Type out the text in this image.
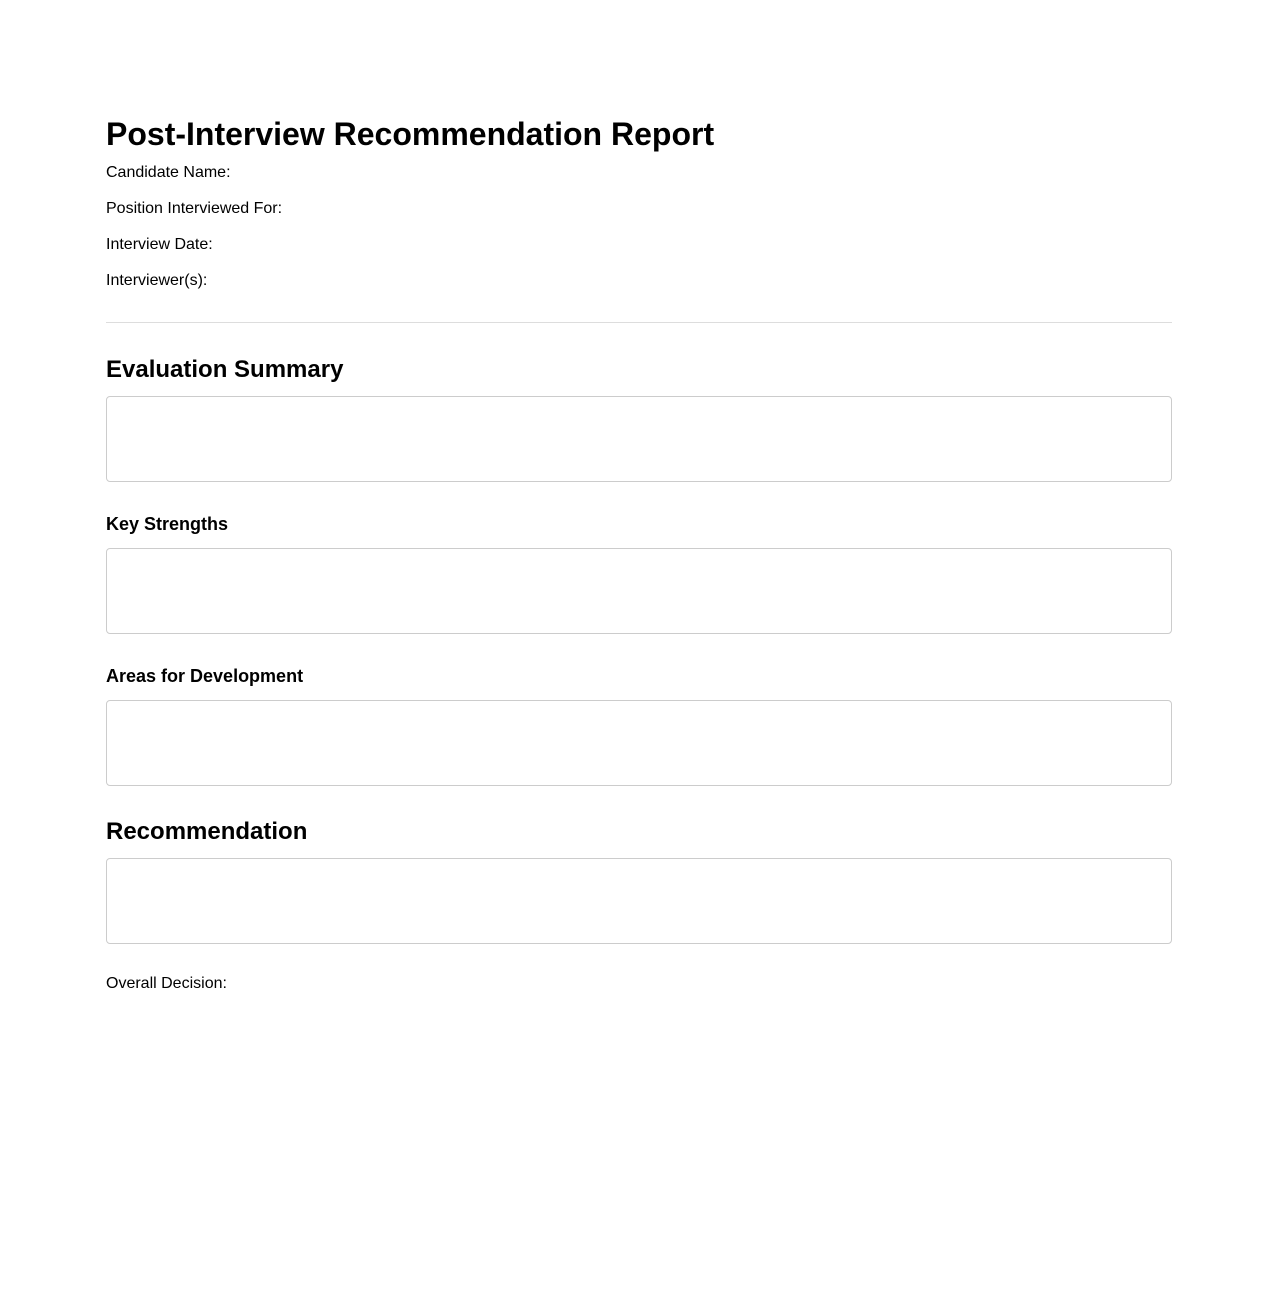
Post-Interview Recommendation Report

Candidate Name:

Position Interviewed For:

Interview Date:

Interviewer(s):

Evaluation Summary
Key Strengths
Areas for Development
Recommendation

Overall Decision:
